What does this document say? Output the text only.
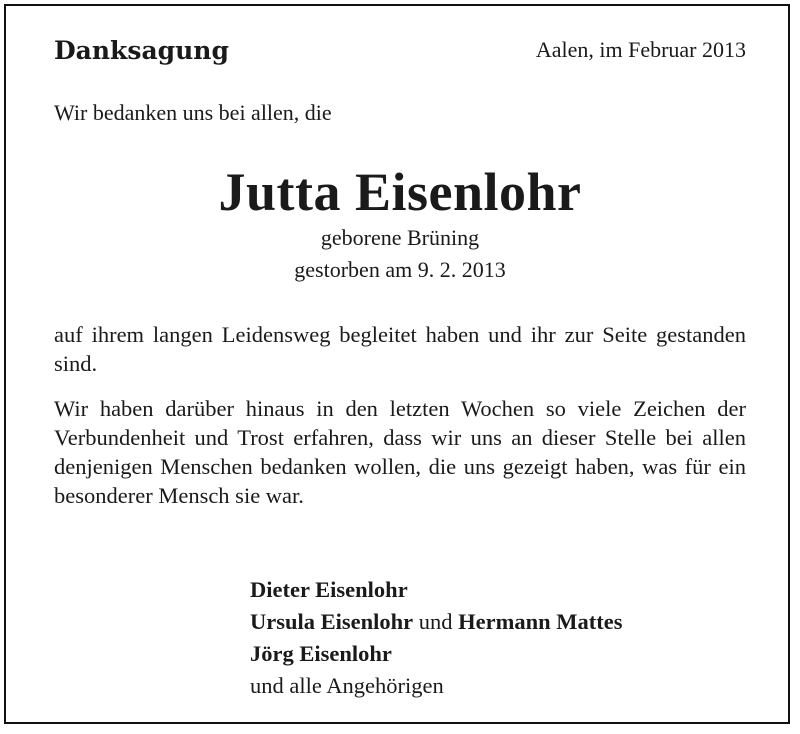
Danksagung	Aalen, im Februar 2013
Wir bedanken uns bei allen, die
Jutta Eisenlohr
geborene Brüning
gestorben am 9. 2. 2013
auf ihrem langen Leidensweg begleitet haben und ihr zur Seite gestanden sind.
Wir haben darüber hinaus in den letzten Wochen so viele Zeichen der Verbundenheit und Trost erfahren, dass wir uns an dieser Stelle bei allen denjenigen Menschen bedanken wollen, die uns gezeigt haben, was für ein besonderer Mensch sie war.
Dieter Eisenlohr
Ursula Eisenlohr und Hermann Mattes
Jörg Eisenlohr
und alle Angehörigen
